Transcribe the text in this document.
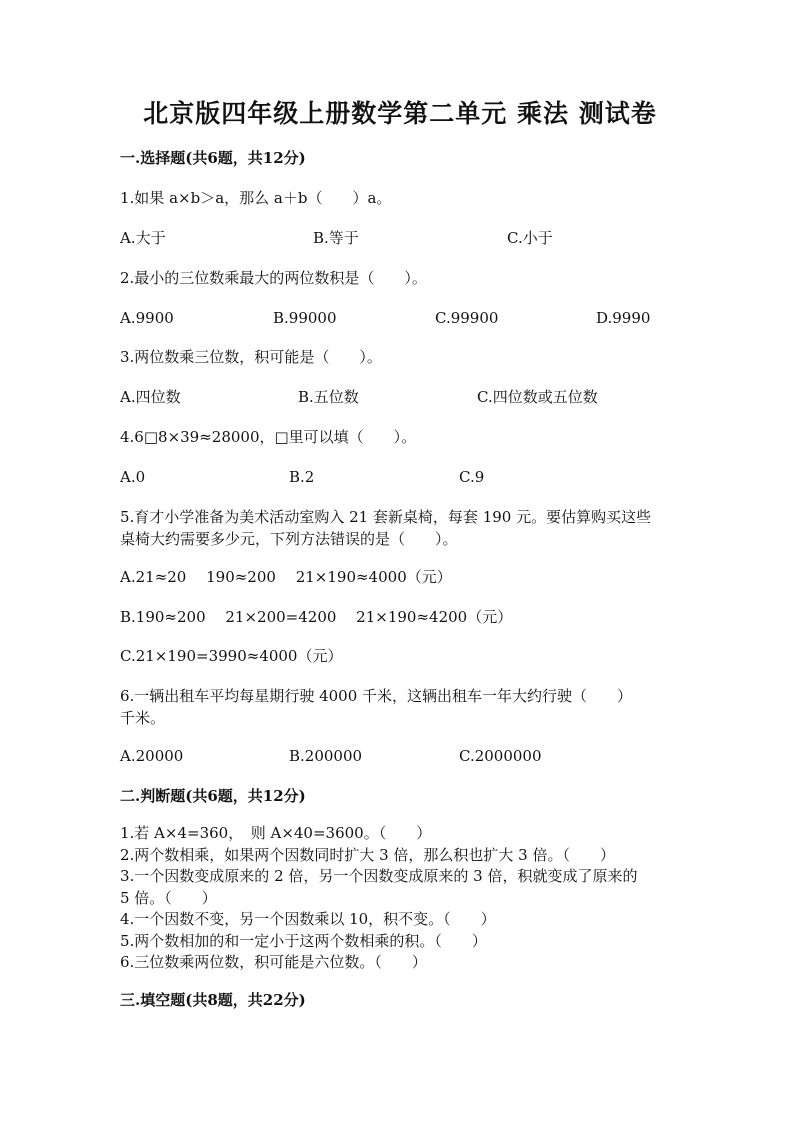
北京版四年级上册数学第二单元 乘法 测试卷
一.选择题(共6题，共12分)
1.如果 a×b＞a，那么 a＋b（　　）a。
A.大于	B.等于	C.小于
2.最小的三位数乘最大的两位数积是（　　）。
A.9900	B.99000	C.99900	D.9990
3.两位数乘三位数，积可能是（　　）。
A.四位数	B.五位数	C.四位数或五位数
4.6□8×39≈28000，□里可以填（　　）。
A.0	B.2	C.9
5.育才小学准备为美术活动室购入 21 套新桌椅，每套 190 元。要估算购买这些
桌椅大约需要多少元，下列方法错误的是（　　）。
A.21≈20　 190≈200　 21×190≈4000（元）
B.190≈200　 21×200=4200　 21×190≈4200（元）
C.21×190=3990≈4000（元）
6.一辆出租车平均每星期行驶 4000 千米，这辆出租车一年大约行驶（　　）
千米。
A.20000	B.200000	C.2000000
二.判断题(共6题，共12分)
1.若 A×4=360，　则 A×40=3600。（　　）
2.两个数相乘，如果两个因数同时扩大 3 倍，那么积也扩大 3 倍。（　　）
3.一个因数变成原来的 2 倍，另一个因数变成原来的 3 倍，积就变成了原来的
5 倍。（　　）
4.一个因数不变，另一个因数乘以 10，积不变。（　　）
5.两个数相加的和一定小于这两个数相乘的积。（　　）
6.三位数乘两位数，积可能是六位数。（　　）
三.填空题(共8题，共22分)
